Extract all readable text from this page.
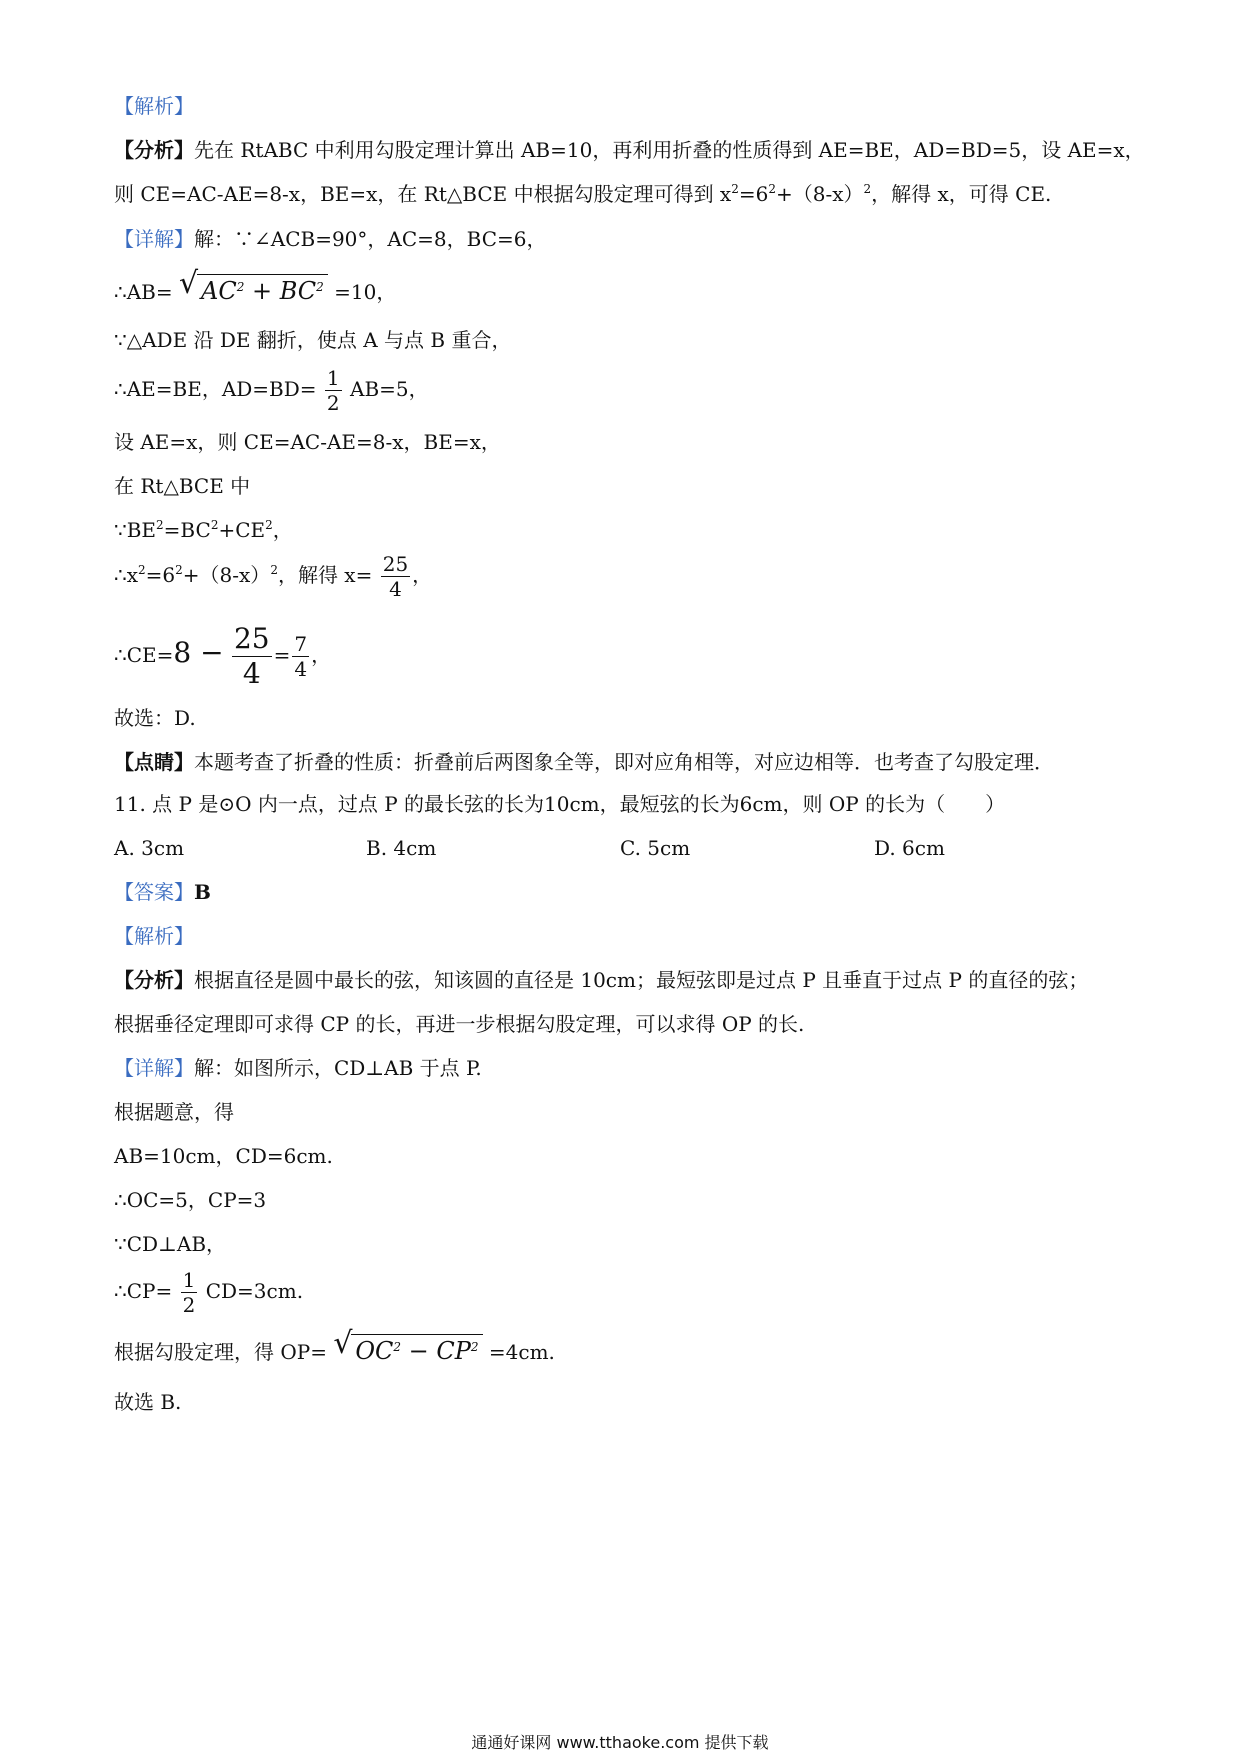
【解析】
【分析】先在 RtABC 中利用勾股定理计算出 AB=10，再利用折叠的性质得到 AE=BE，AD=BD=5，设 AE=x，
则 CE=AC-AE=8-x，BE=x，在 Rt△BCE 中根据勾股定理可得到 $x^2=6^2+(8-x)^2$，解得 x，可得 CE.
【详解】解：∵∠ACB=90°，AC=8，BC=6，
∴AB= √ $AC^2 + BC^2 =10$，
∵△ADE 沿 DE 翻折，使点 A 与点 B 重合，
∴AE=BE，$AD=BD= \frac{1}{2} AB=5$，
设 AE=x，则 CE=AC-AE=8-x，BE=x，
在 Rt△BCE 中
$\because BE^2=BC^2+CE^2$，
$\therefore x^2=6^2+(8-x)^2$，解得 $x= \frac{25}{4}$ ，
∴CE=8 − $\frac{25}{4} = \frac{7}{4}$ ，
故选：D.
【点睛】本题考查了折叠的性质：折叠前后两图象全等，即对应角相等，对应边相等．也考查了勾股定理．
11. 点 P 是⊙O 内一点，过点 P 的最长弦的长为10cm，最短弦的长为6cm，则 OP 的长为（　　）
A. 3cm	B. 4cm	C. 5cm	D. 6cm
【答案】B
【解析】
【分析】根据直径是圆中最长的弦，知该圆的直径是 10cm；最短弦即是过点 P 且垂直于过点 P 的直径的弦；
根据垂径定理即可求得 CP 的长，再进一步根据勾股定理，可以求得 OP 的长.
【详解】解：如图所示，CD⊥AB 于点 P.
根据题意，得
AB=10cm，CD=6cm.
∴OC=5，CP=3
∵CD⊥AB，
∴CP= $\frac{1}{2} CD=3cm$.
根据勾股定理，得 OP= √ $OC^2 - CP^2 =4cm$.
故选 B.
通通好课网 www.tthaoke.com 提供下载
